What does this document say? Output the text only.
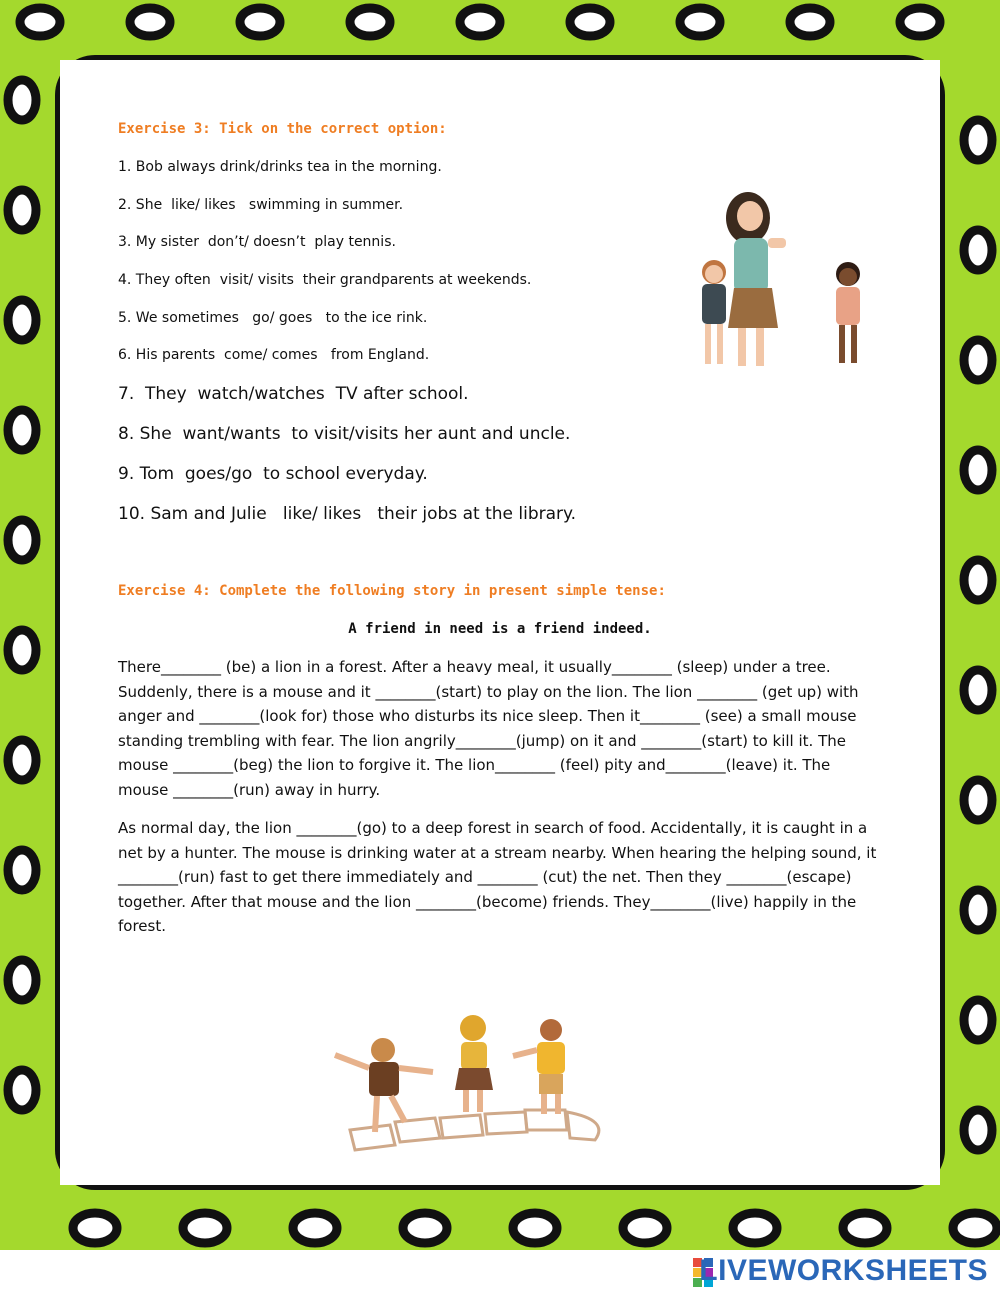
Exercise 3: Tick on the correct option:
1. Bob always drink/drinks tea in the morning.
2. She  like/ likes   swimming in summer.
3. My sister  don’t/ doesn’t  play tennis.
4. They often  visit/ visits  their grandparents at weekends.
5. We sometimes   go/ goes   to the ice rink.
6. His parents  come/ comes   from England.
7.  They  watch/watches  TV after school.
8. She  want/wants  to visit/visits her aunt and uncle.
9. Tom  goes/go  to school everyday.
10. Sam and Julie   like/ likes   their jobs at the library.
Exercise 4: Complete the following story in present simple tense:
A friend in need is a friend indeed.
There________ (be) a lion in a forest. After a heavy meal, it usually________ (sleep) under a tree. Suddenly, there is a mouse and it ________(start) to play on the lion. The lion ________ (get up) with anger and ________(look for) those who disturbs its nice sleep. Then it________ (see) a small mouse standing trembling with fear. The lion angrily________(jump) on it and ________(start) to kill it. The mouse ________(beg) the lion to forgive it. The lion________ (feel) pity and________(leave) it. The mouse ________(run) away in hurry.
As normal day, the lion ________(go) to a deep forest in search of food. Accidentally, it is caught in a net by a hunter. The mouse is drinking water at a stream nearby. When hearing the helping sound, it ________(run) fast to get there immediately and ________ (cut) the net. Then they ________(escape) together. After that mouse and the lion ________(become) friends. They________(live) happily in the forest.
LIVEWORKSHEETS
